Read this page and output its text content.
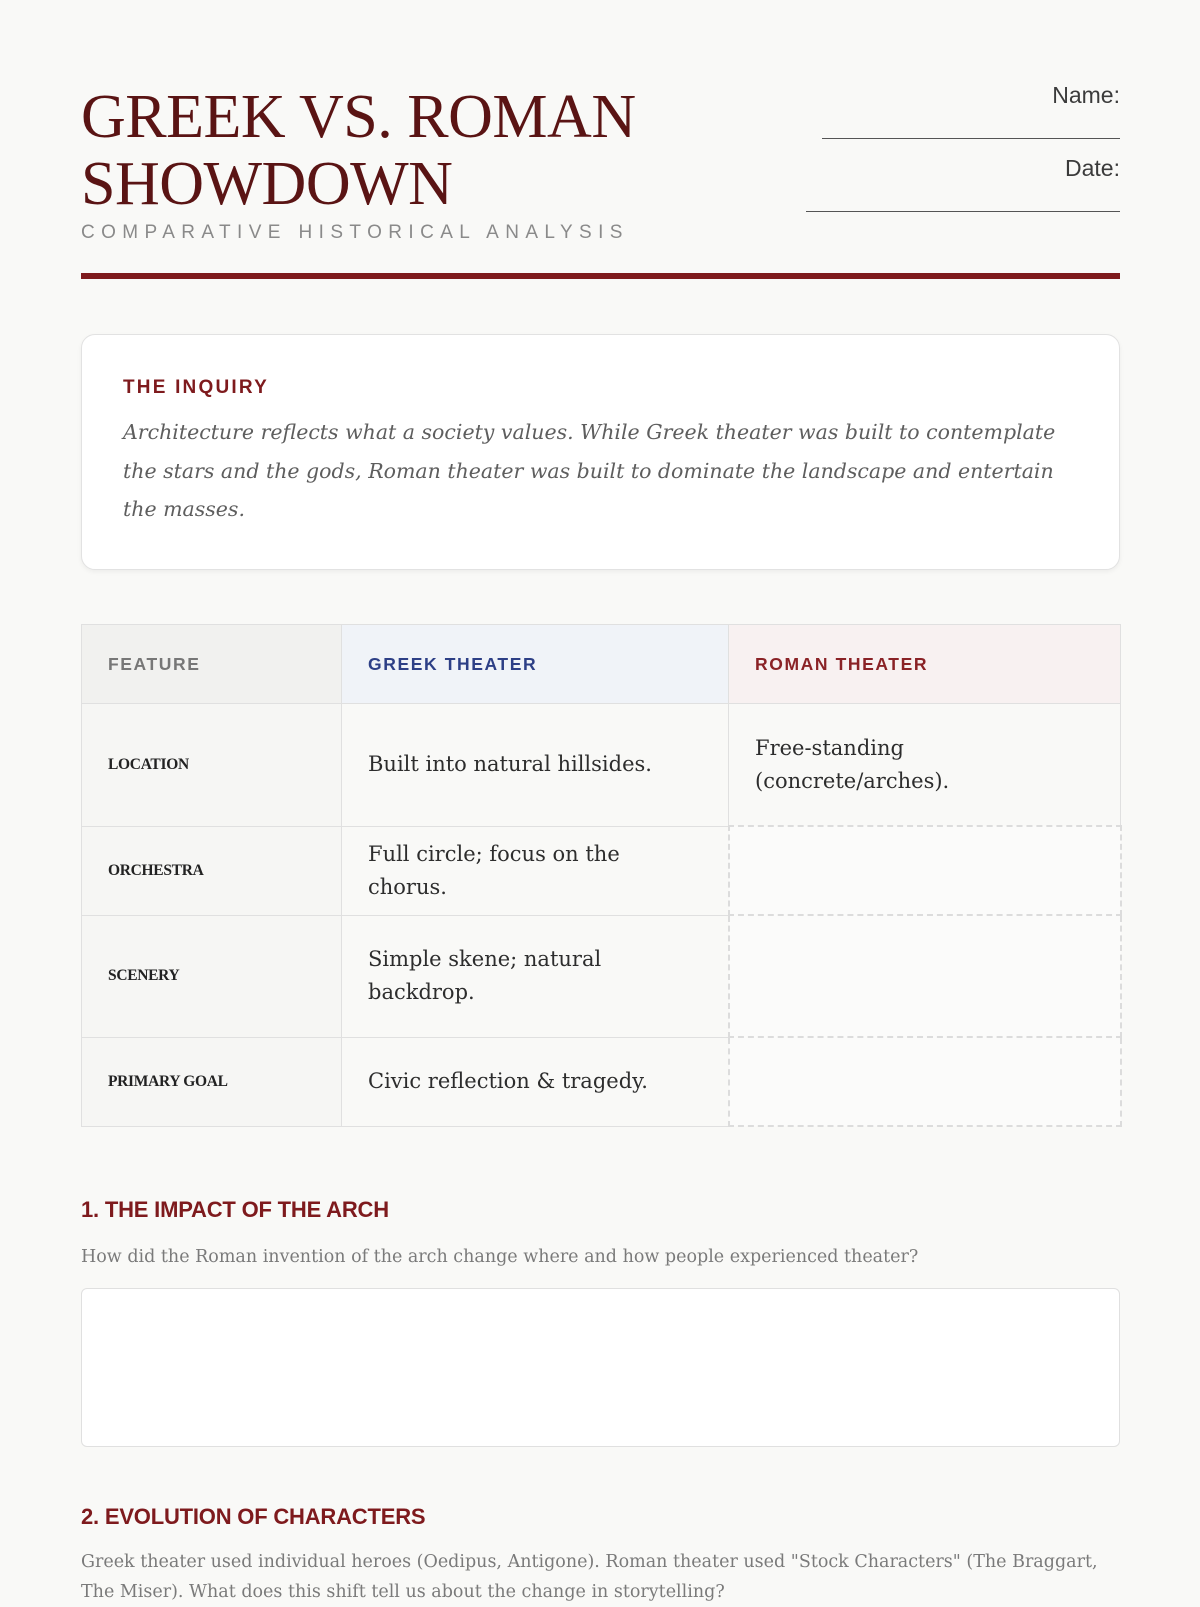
GREEK VS. ROMAN
SHOWDOWN
COMPARATIVE HISTORICAL ANALYSIS
Name:
Date:
THE INQUIRY
Architecture reflects what a society values. While Greek theater was built to contemplate the stars and the gods, Roman theater was built to dominate the landscape and entertain the masses.
FEATURE	GREEK THEATER	ROMAN THEATER
LOCATION	Built into natural hillsides.	Free-standing (concrete/arches).
ORCHESTRA	Full circle; focus on the chorus.	
SCENERY	Simple skene; natural backdrop.	
PRIMARY GOAL	Civic reflection & tragedy.	
1. THE IMPACT OF THE ARCH
How did the Roman invention of the arch change where and how people experienced theater?
2. EVOLUTION OF CHARACTERS
Greek theater used individual heroes (Oedipus, Antigone). Roman theater used "Stock Characters" (The Braggart, The Miser). What does this shift tell us about the change in storytelling?
